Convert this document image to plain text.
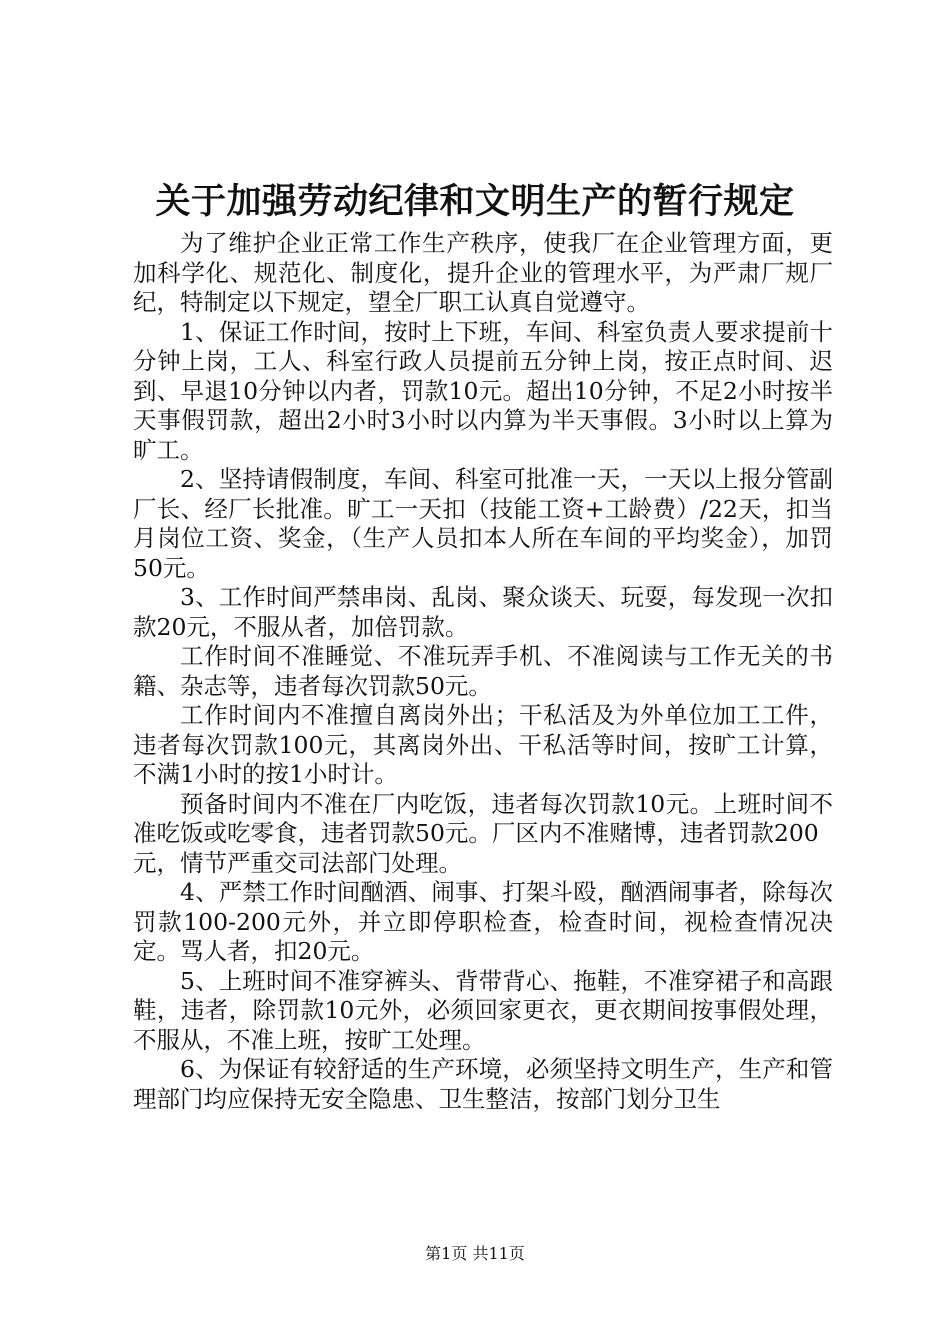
关于加强劳动纪律和文明生产的暂行规定

为了维护企业正常工作生产秩序，使我厂在企业管理方面，更加科学化、规范化、制度化，提升企业的管理水平，为严肃厂规厂纪，特制定以下规定，望全厂职工认真自觉遵守。

1、保证工作时间，按时上下班，车间、科室负责人要求提前十分钟上岗，工人、科室行政人员提前五分钟上岗，按正点时间、迟到、早退10分钟以内者，罚款10元。超出10分钟，不足2小时按半天事假罚款，超出2小时3小时以内算为半天事假。3小时以上算为旷工。

2、坚持请假制度，车间、科室可批准一天，一天以上报分管副厂长、经厂长批准。旷工一天扣（技能工资+工龄费）/22天，扣当月岗位工资、奖金，（生产人员扣本人所在车间的平均奖金），加罚50元。

3、工作时间严禁串岗、乱岗、聚众谈天、玩耍，每发现一次扣款20元，不服从者，加倍罚款。

工作时间不准睡觉、不准玩弄手机、不准阅读与工作无关的书籍、杂志等，违者每次罚款50元。

工作时间内不准擅自离岗外出；干私活及为外单位加工工件，违者每次罚款100元，其离岗外出、干私活等时间，按旷工计算，不满1小时的按1小时计。

预备时间内不准在厂内吃饭，违者每次罚款10元。上班时间不准吃饭或吃零食，违者罚款50元。厂区内不准赌博，违者罚款200

元，情节严重交司法部门处理。

4、严禁工作时间酗酒、闹事、打架斗殴，酗酒闹事者，除每次罚款100-200元外，并立即停职检查，检查时间，视检查情况决定。骂人者，扣20元。

5、上班时间不准穿裤头、背带背心、拖鞋，不准穿裙子和高跟鞋，违者，除罚款10元外，必须回家更衣，更衣期间按事假处理，不服从，不准上班，按旷工处理。

6、为保证有较舒适的生产环境，必须坚持文明生产，生产和管理部门均应保持无安全隐患、卫生整洁，按部门划分卫生

第1页 共11页
